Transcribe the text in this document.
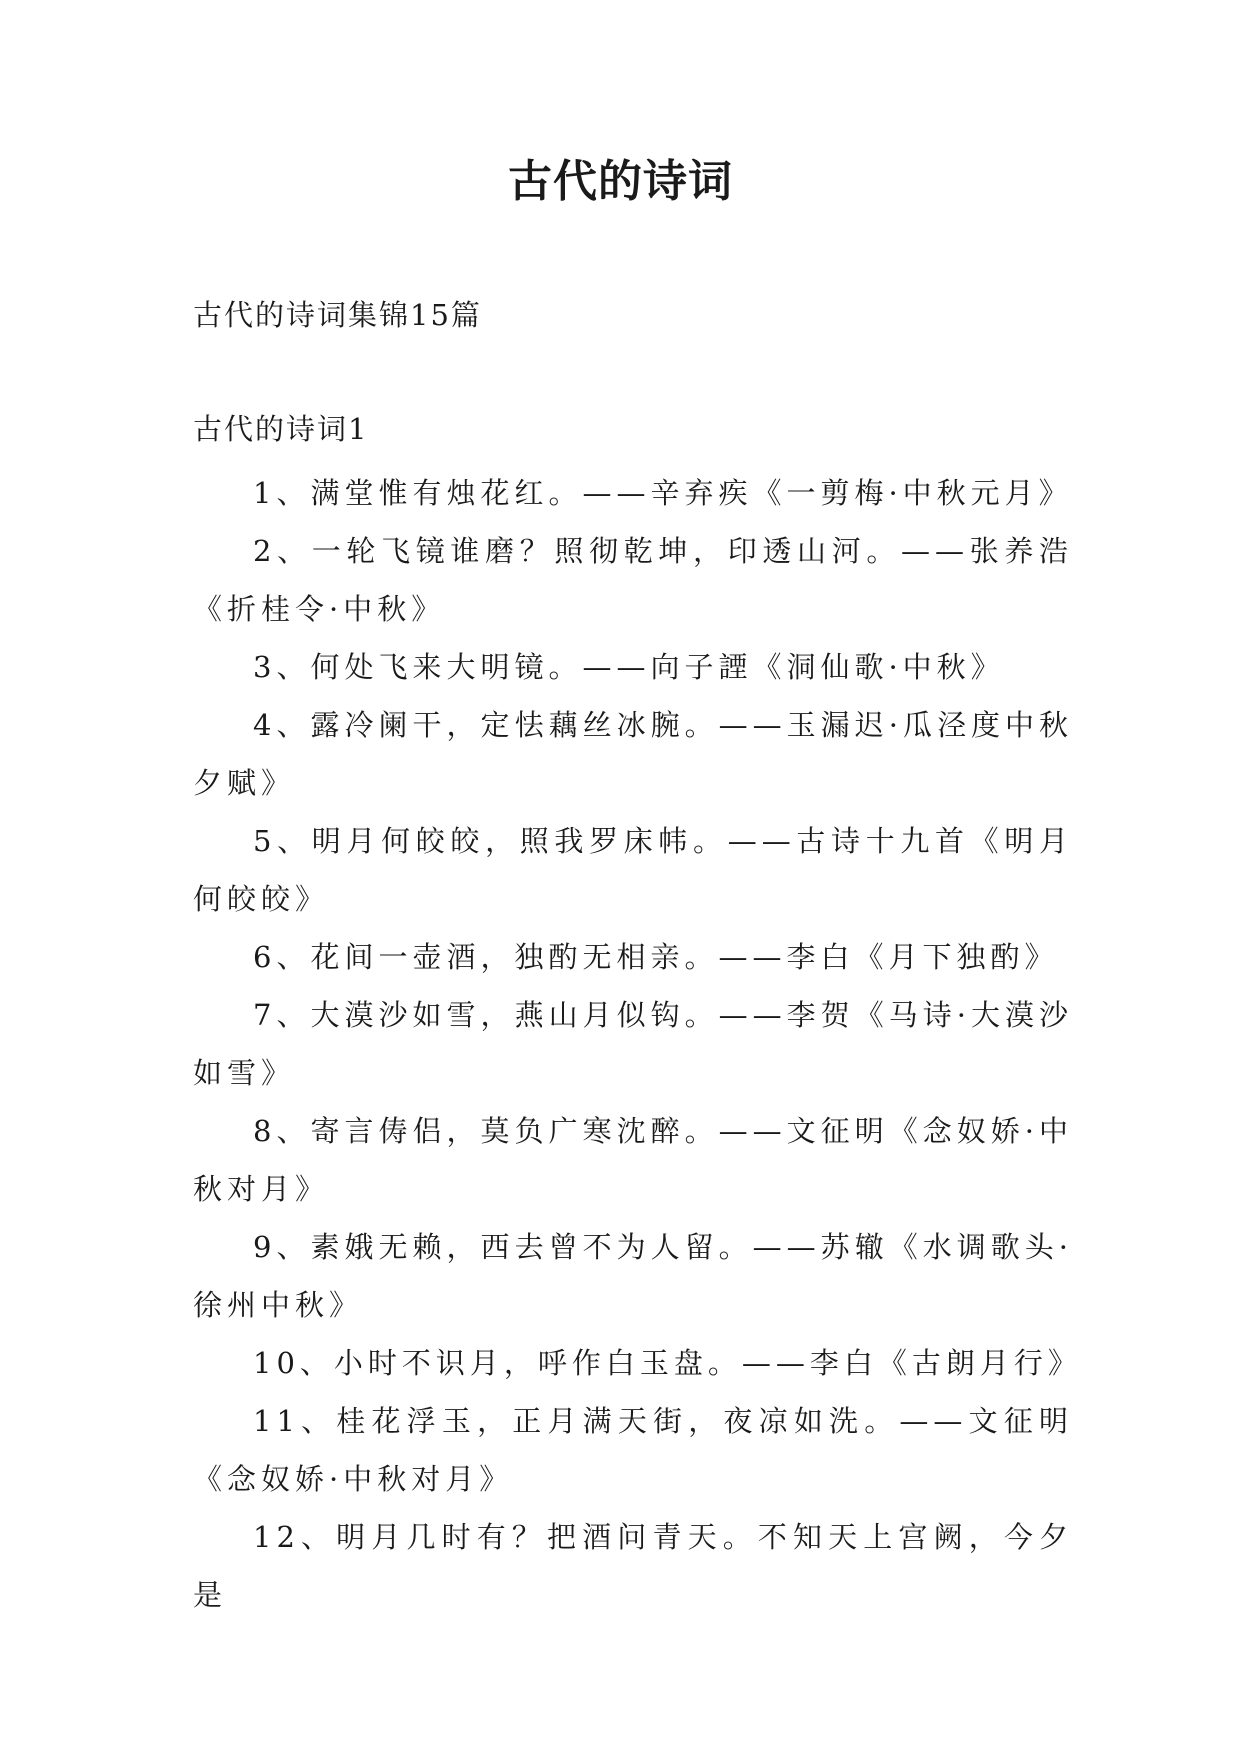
古代的诗词

古代的诗词集锦15篇

古代的诗词1

1、满堂惟有烛花红。——辛弃疾《一剪梅·中秋元月》

2、一轮飞镜谁磨？照彻乾坤，印透山河。——张养浩《折桂令·中秋》

3、何处飞来大明镜。——向子諲《洞仙歌·中秋》

4、露冷阑干，定怯藕丝冰腕。——玉漏迟·瓜泾度中秋夕赋》

5、明月何皎皎，照我罗床帏。——古诗十九首《明月何皎皎》

6、花间一壶酒，独酌无相亲。——李白《月下独酌》

7、大漠沙如雪，燕山月似钩。——李贺《马诗·大漠沙如雪》

8、寄言俦侣，莫负广寒沈醉。——文征明《念奴娇·中秋对月》

9、素娥无赖，西去曾不为人留。——苏辙《水调歌头·徐州中秋》

10、小时不识月，呼作白玉盘。——李白《古朗月行》

11、桂花浮玉，正月满天街，夜凉如洗。——文征明《念奴娇·中秋对月》

12、明月几时有？把酒问青天。不知天上宫阙，今夕是
